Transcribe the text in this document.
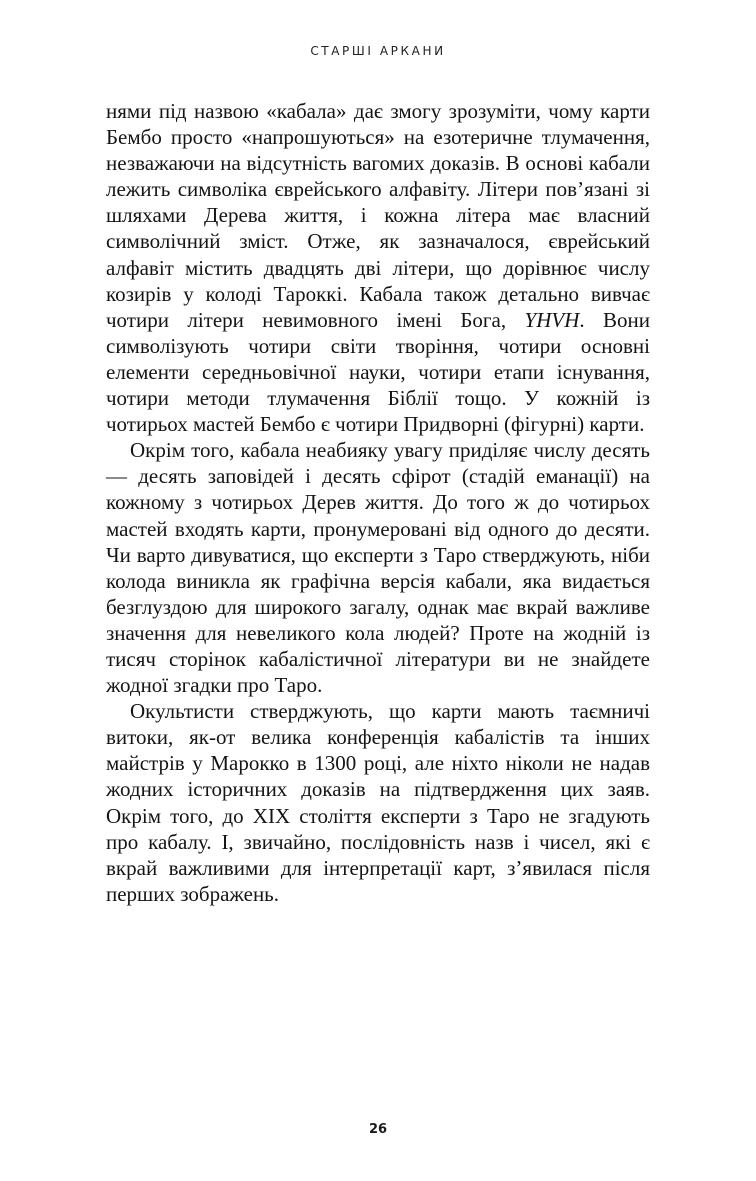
СТАРШІ АРКАНИ

нями під назвою «кабала» дає змогу зрозуміти, чому карти Бембо просто «напрошуються» на езотеричне тлумачення, незважаючи на відсутність вагомих доказів. В основі кабали лежить символіка єврейського алфавіту. Літери пов’язані зі шляхами Дерева життя, і кожна літера має власний символічний зміст. Отже, як зазначалося, єврейський алфавіт містить двадцять дві літери, що дорівнює числу козирів у колоді Тароккі. Кабала також детально вивчає чотири літери невимовного імені Бога, YHVH. Вони символізують чотири світи творіння, чотири основні елементи середньовічної науки, чотири етапи існування, чотири методи тлумачення Біблії тощо. У кожній із чотирьох мастей Бембо є чотири Придворні (фігурні) карти.

Окрім того, кабала неабияку увагу приділяє числу десять — десять заповідей і десять сфірот (стадій еманації) на кожному з чотирьох Дерев життя. До того ж до чотирьох мастей входять карти, пронумеровані від одного до десяти. Чи варто дивуватися, що експерти з Таро стверджують, ніби колода виникла як графічна версія кабали, яка видається безглуздою для широкого загалу, однак має вкрай важливе значення для невеликого кола людей? Проте на жодній із тисяч сторінок кабалістичної літератури ви не знайдете жодної згадки про Таро.

Окультисти стверджують, що карти мають таємничі витоки, як-от велика конференція кабалістів та інших майстрів у Марокко в 1300 році, але ніхто ніколи не надав жодних історичних доказів на підтвердження цих заяв. Окрім того, до XIX століття експерти з Таро не згадують про кабалу. І, звичайно, послідовність назв і чисел, які є вкрай важливими для інтерпретації карт, з’явилася після перших зображень.

26
